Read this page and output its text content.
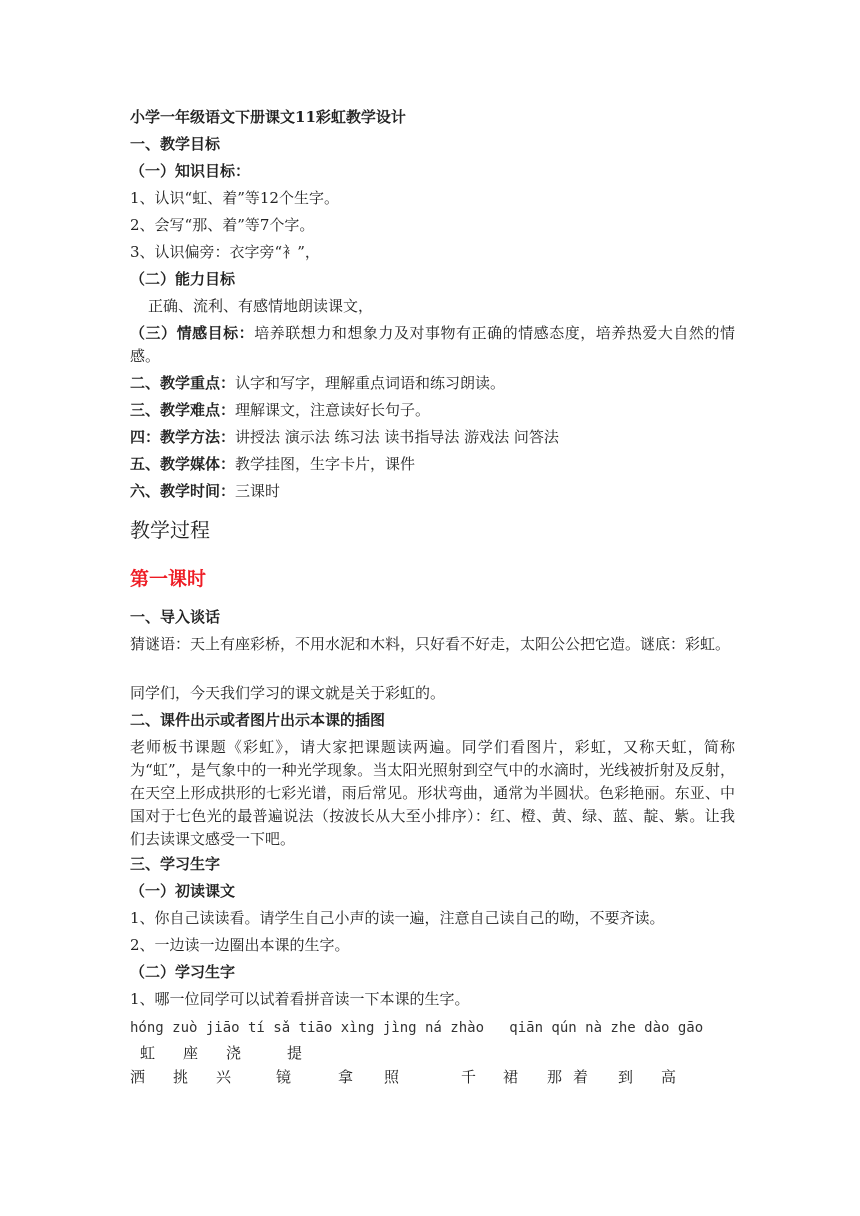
小学一年级语文下册课文11彩虹教学设计
一、教学目标
（一）知识目标：
1、认识“虹、着”等12个生字。
2、会写“那、着”等7个字。
3、认识偏旁：衣字旁“衤”，
（二）能力目标
正确、流利、有感情地朗读课文，
（三）情感目标：培养联想力和想象力及对事物有正确的情感态度，培养热爱大自然的情感。
二、教学重点：认字和写字，理解重点词语和练习朗读。
三、教学难点：理解课文，注意读好长句子。
四：教学方法：讲授法 演示法 练习法 读书指导法 游戏法 问答法
五、教学媒体：教学挂图，生字卡片，课件
六、教学时间：三课时
教学过程
第一课时
一、导入谈话
猜谜语：天上有座彩桥，不用水泥和木料，只好看不好走，太阳公公把它造。谜底：彩虹。
同学们，今天我们学习的课文就是关于彩虹的。
二、课件出示或者图片出示本课的插图
老师板书课题《彩虹》，请大家把课题读两遍。同学们看图片，彩虹，又称天虹，简称为“虹”，是气象中的一种光学现象。当太阳光照射到空气中的水滴时，光线被折射及反射，在天空上形成拱形的七彩光谱，雨后常见。形状弯曲，通常为半圆状。色彩艳丽。东亚、中国对于七色光的最普遍说法（按波长从大至小排序）：红、橙、黄、绿、蓝、靛、紫。让我们去读课文感受一下吧。
三、学习生字
（一）初读课文
1、你自己读读看。请学生自己小声的读一遍，注意自己读自己的呦，不要齐读。
2、一边读一边圈出本课的生字。
（二）学习生字
1、哪一位同学可以试着看拼音读一下本课的生字。
hóng zuò jiāo tí sǎ tiāo xìng jìng ná zhào   qiān qún nà zhe dào gāo
虹 座 浇	提
洒 挑 兴	镜	拿 照	千 裙 那 着 到 高
